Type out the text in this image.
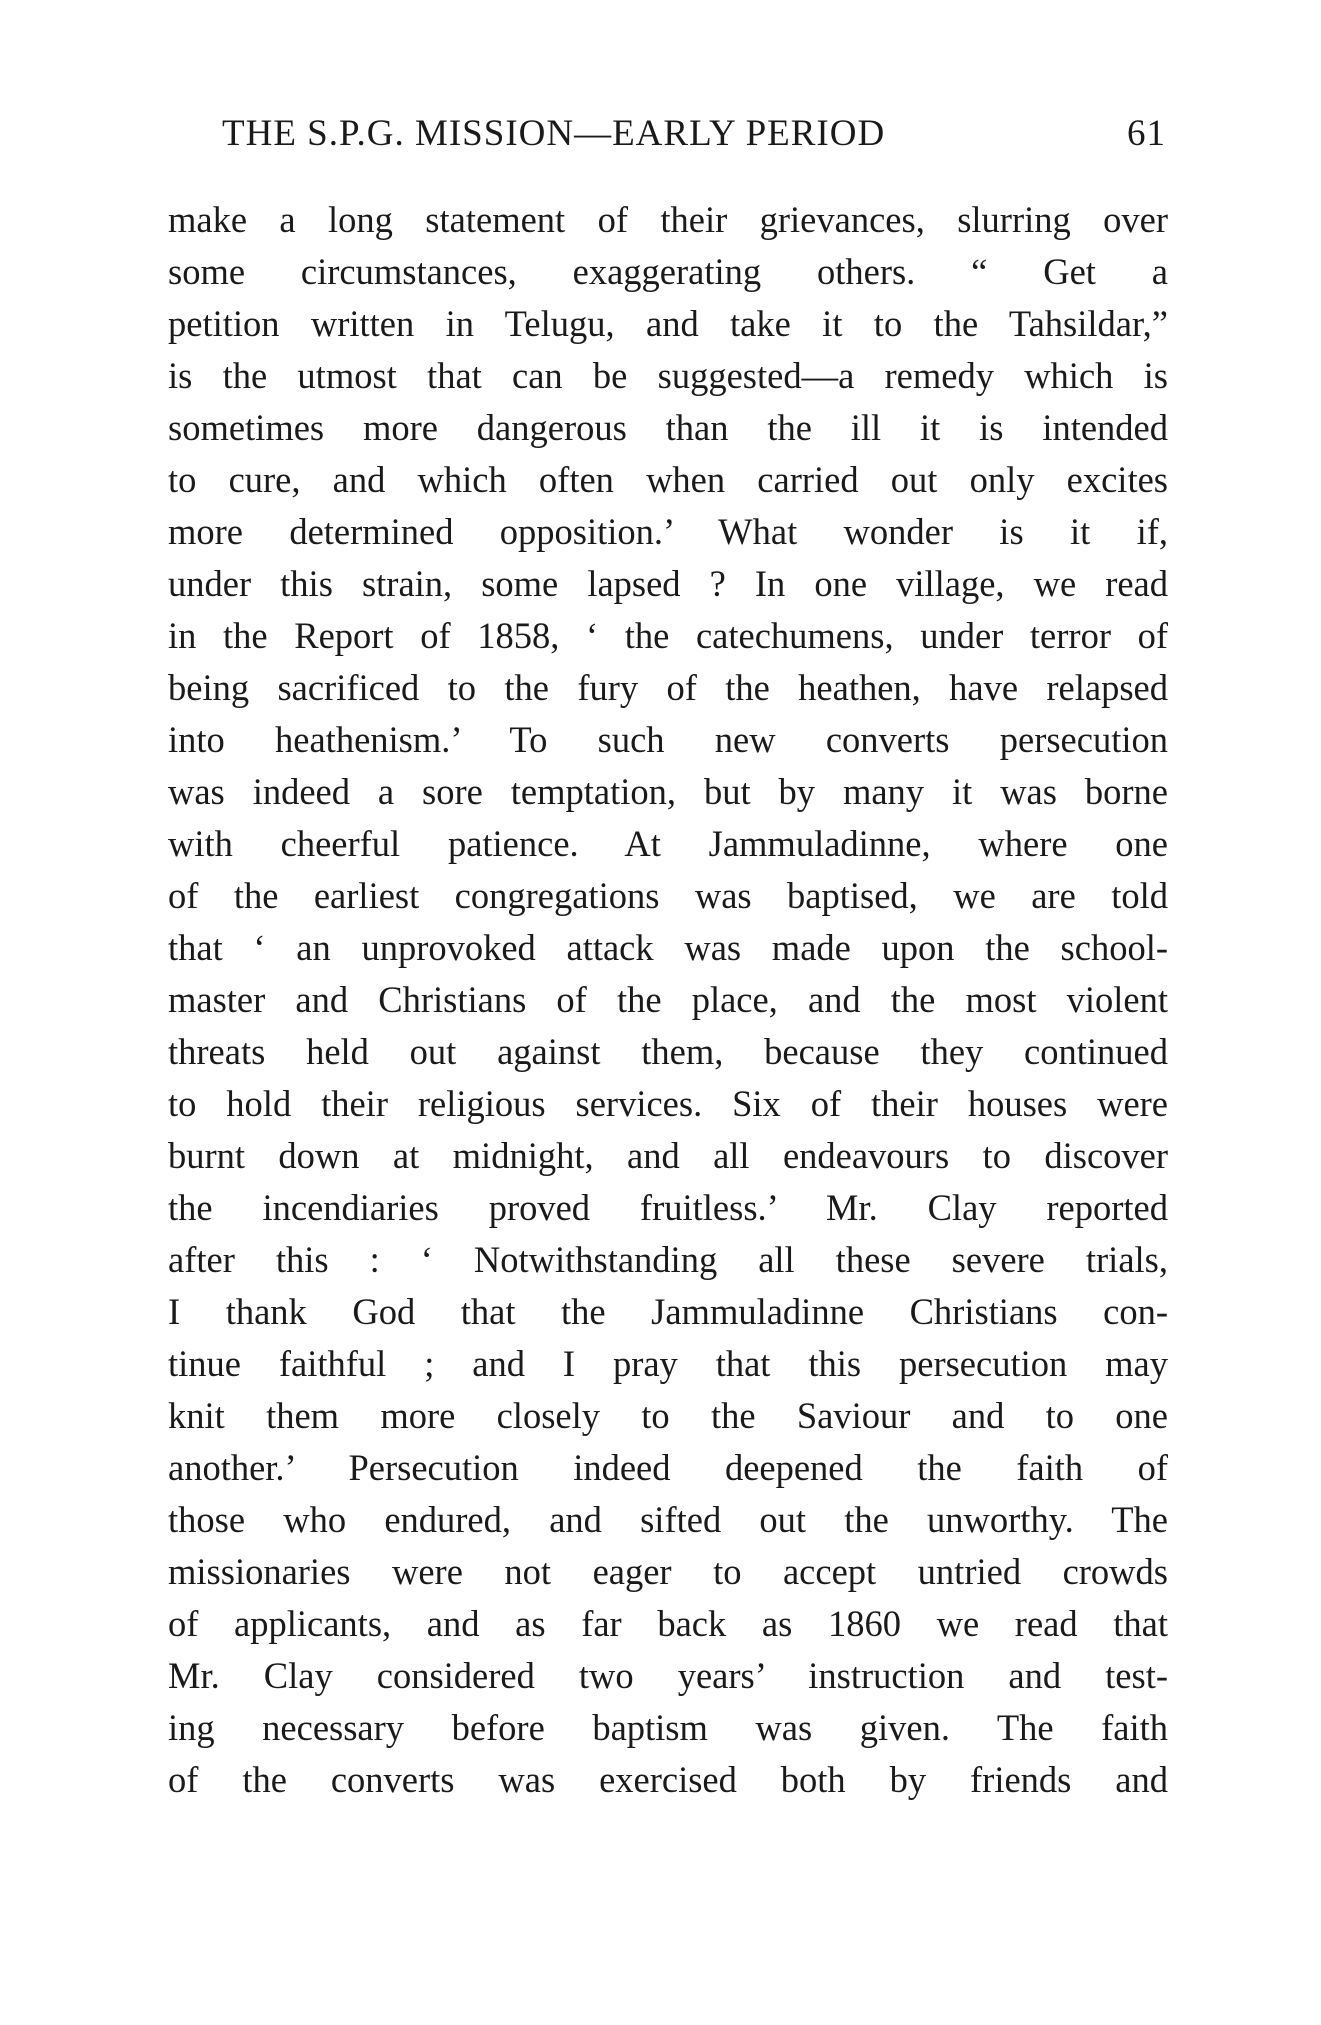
THE S.P.G. MISSION—EARLY PERIOD	61
make a long statement of their grievances, slurring over
some circumstances, exaggerating others. “ Get a
petition written in Telugu, and take it to the Tahsildar,”
is the utmost that can be suggested—a remedy which is
sometimes more dangerous than the ill it is intended
to cure, and which often when carried out only excites
more determined opposition.’ What wonder is it if,
under this strain, some lapsed ? In one village, we read
in the Report of 1858, ‘ the catechumens, under terror of
being sacrificed to the fury of the heathen, have relapsed
into heathenism.’ To such new converts persecution
was indeed a sore temptation, but by many it was borne
with cheerful patience. At Jammuladinne, where one
of the earliest congregations was baptised, we are told
that ‘ an unprovoked attack was made upon the school-
master and Christians of the place, and the most violent
threats held out against them, because they continued
to hold their religious services. Six of their houses were
burnt down at midnight, and all endeavours to discover
the incendiaries proved fruitless.’ Mr. Clay reported
after this : ‘ Notwithstanding all these severe trials,
I thank God that the Jammuladinne Christians con-
tinue faithful ; and I pray that this persecution may
knit them more closely to the Saviour and to one
another.’ Persecution indeed deepened the faith of
those who endured, and sifted out the unworthy. The
missionaries were not eager to accept untried crowds
of applicants, and as far back as 1860 we read that
Mr. Clay considered two years’ instruction and test-
ing necessary before baptism was given. The faith
of the converts was exercised both by friends and
